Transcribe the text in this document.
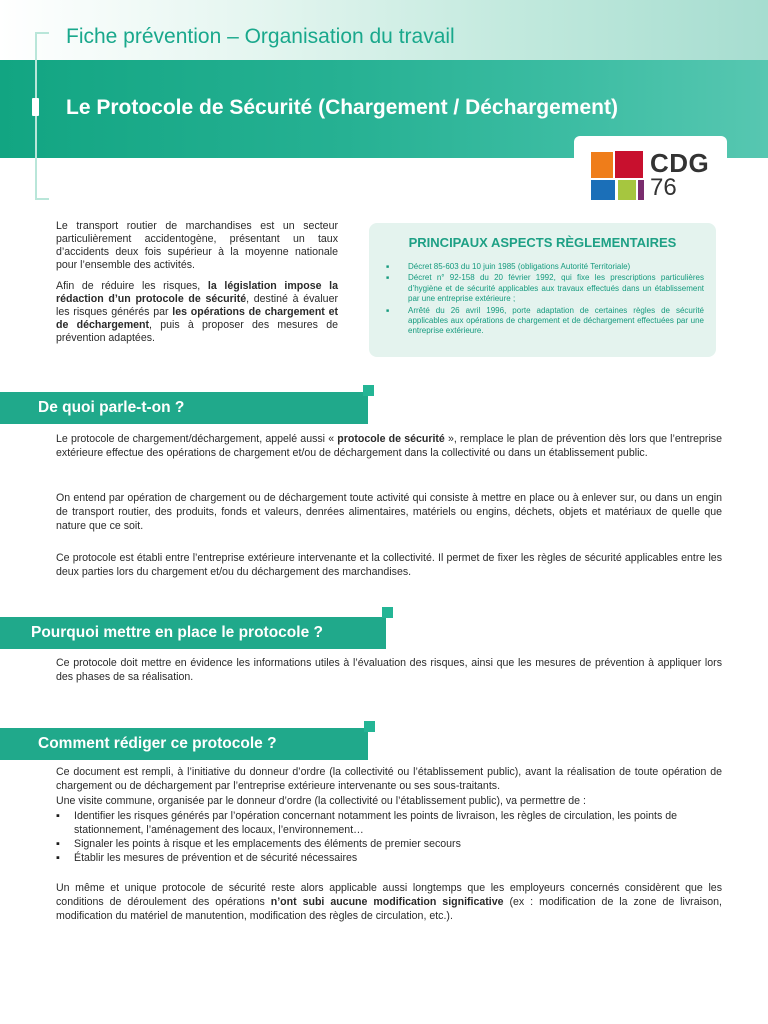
Fiche prévention – Organisation du travail
Le Protocole de Sécurité (Chargement / Déchargement)
CDG
76

Le transport routier de marchandises est un secteur particulièrement accidentogène, présentant un taux d’accidents deux fois supérieur à la moyenne nationale pour l’ensemble des activités.

Afin de réduire les risques, la législation impose la rédaction d’un protocole de sécurité, destiné à évaluer les risques générés par les opérations de chargement et de déchargement, puis à proposer des mesures de prévention adaptées.

PRINCIPAUX ASPECTS RÈGLEMENTAIRES
■ Décret 85-603 du 10 juin 1985 (obligations Autorité Territoriale)
■ Décret n° 92-158 du 20 février 1992, qui fixe les prescriptions particulières d’hygiène et de sécurité applicables aux travaux effectués dans un établissement par une entreprise extérieure ;
■ Arrêté du 26 avril 1996, porte adaptation de certaines règles de sécurité applicables aux opérations de chargement et de déchargement effectuées par une entreprise extérieure.
De quoi parle-t-on ?

Le protocole de chargement/déchargement, appelé aussi « protocole de sécurité », remplace le plan de prévention dès lors que l’entreprise extérieure effectue des opérations de chargement et/ou de déchargement dans la collectivité ou dans un établissement public.

On entend par opération de chargement ou de déchargement toute activité qui consiste à mettre en place ou à enlever sur, ou dans un engin de transport routier, des produits, fonds et valeurs, denrées alimentaires, matériels ou engins, déchets, objets et matériaux de quelle que nature que ce soit.

Ce protocole est établi entre l’entreprise extérieure intervenante et la collectivité. Il permet de fixer les règles de sécurité applicables entre les deux parties lors du chargement et/ou du déchargement des marchandises.

Pourquoi mettre en place le protocole ?

Ce protocole doit mettre en évidence les informations utiles à l’évaluation des risques, ainsi que les mesures de prévention à appliquer lors des phases de sa réalisation.

Comment rédiger ce protocole ?

Ce document est rempli, à l’initiative du donneur d’ordre (la collectivité ou l’établissement public), avant la réalisation de toute opération de chargement ou de déchargement par l’entreprise extérieure intervenante ou ses sous-traitants.

Une visite commune, organisée par le donneur d’ordre (la collectivité ou l’établissement public), va permettre de :

▪ Identifier les risques générés par l’opération concernant notamment les points de livraison, les règles de circulation, les points de stationnement, l’aménagement des locaux, l’environnement…
▪ Signaler les points à risque et les emplacements des éléments de premier secours
▪ Établir les mesures de prévention et de sécurité nécessaires

Un même et unique protocole de sécurité reste alors applicable aussi longtemps que les employeurs concernés considèrent que les conditions de déroulement des opérations n’ont subi aucune modification significative (ex : modification de la zone de livraison, modification du matériel de manutention, modification des règles de circulation, etc.).
